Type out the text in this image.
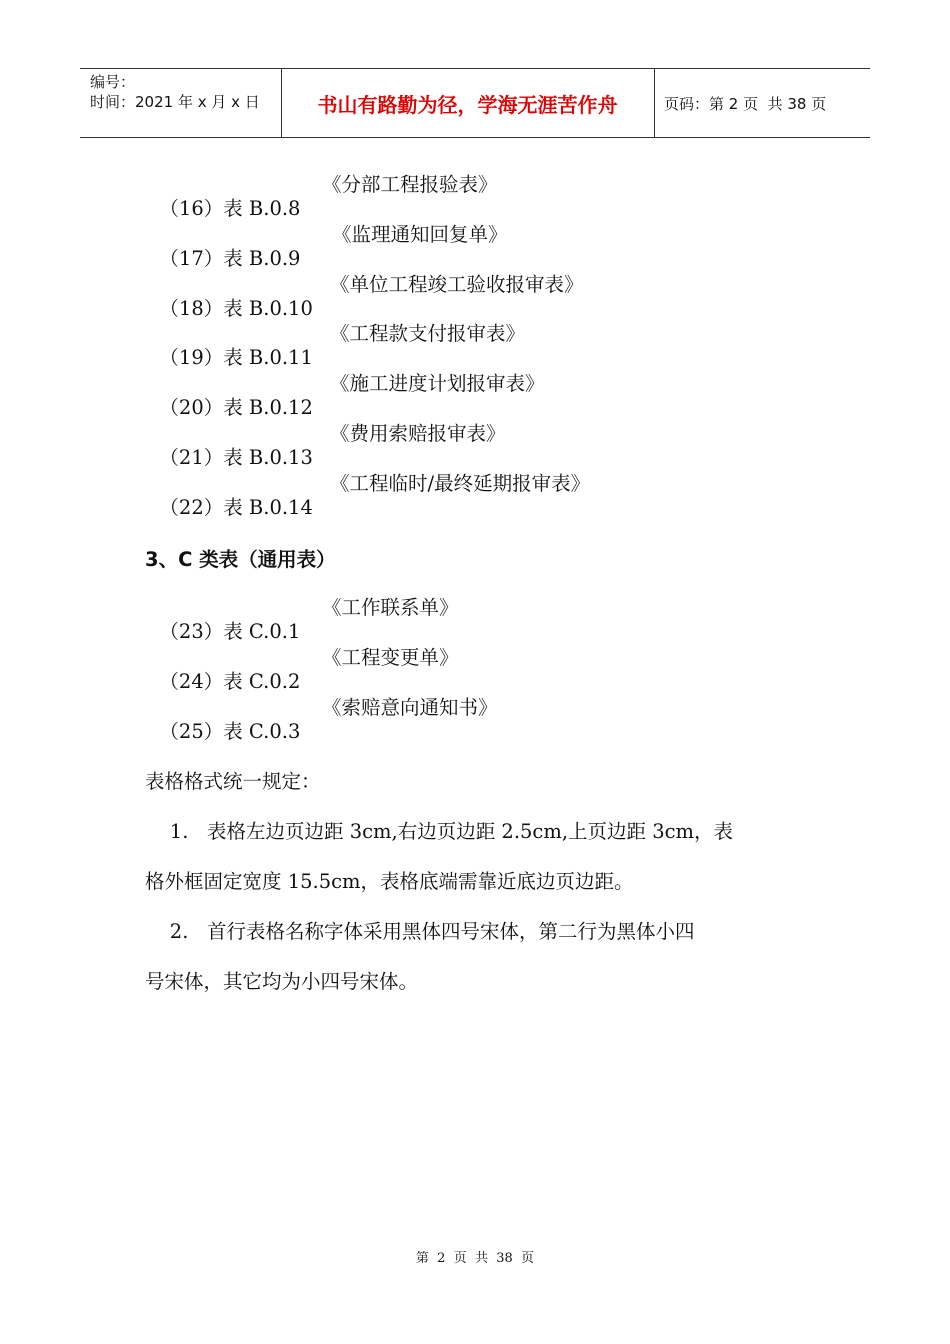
编号：
时间：2021 年 x 月 x 日	书山有路勤为径，学海无涯苦作舟	页码：第 2 页  共 38 页

（16）表 B.0.8

《分部工程报验表》

（17）表 B.0.9

《监理通知回复单》

（18）表 B.0.10

《单位工程竣工验收报审表》

（19）表 B.0.11

《工程款支付报审表》

（20）表 B.0.12

《施工进度计划报审表》

（21）表 B.0.13

《费用索赔报审表》

（22）表 B.0.14

《工程临时/最终延期报审表》

3、C 类表（通用表）

（23）表 C.0.1

《工作联系单》

（24）表 C.0.2

《工程变更单》

（25）表 C.0.3

《索赔意向通知书》

表格格式统一规定：
1.   表格左边页边距 3cm,右边页边距 2.5cm,上页边距 3cm，表
格外框固定宽度 15.5cm，表格底端需靠近底边页边距。
2.   首行表格名称字体采用黑体四号宋体，第二行为黑体小四
号宋体，其它均为小四号宋体。
第  2  页  共  38  页
